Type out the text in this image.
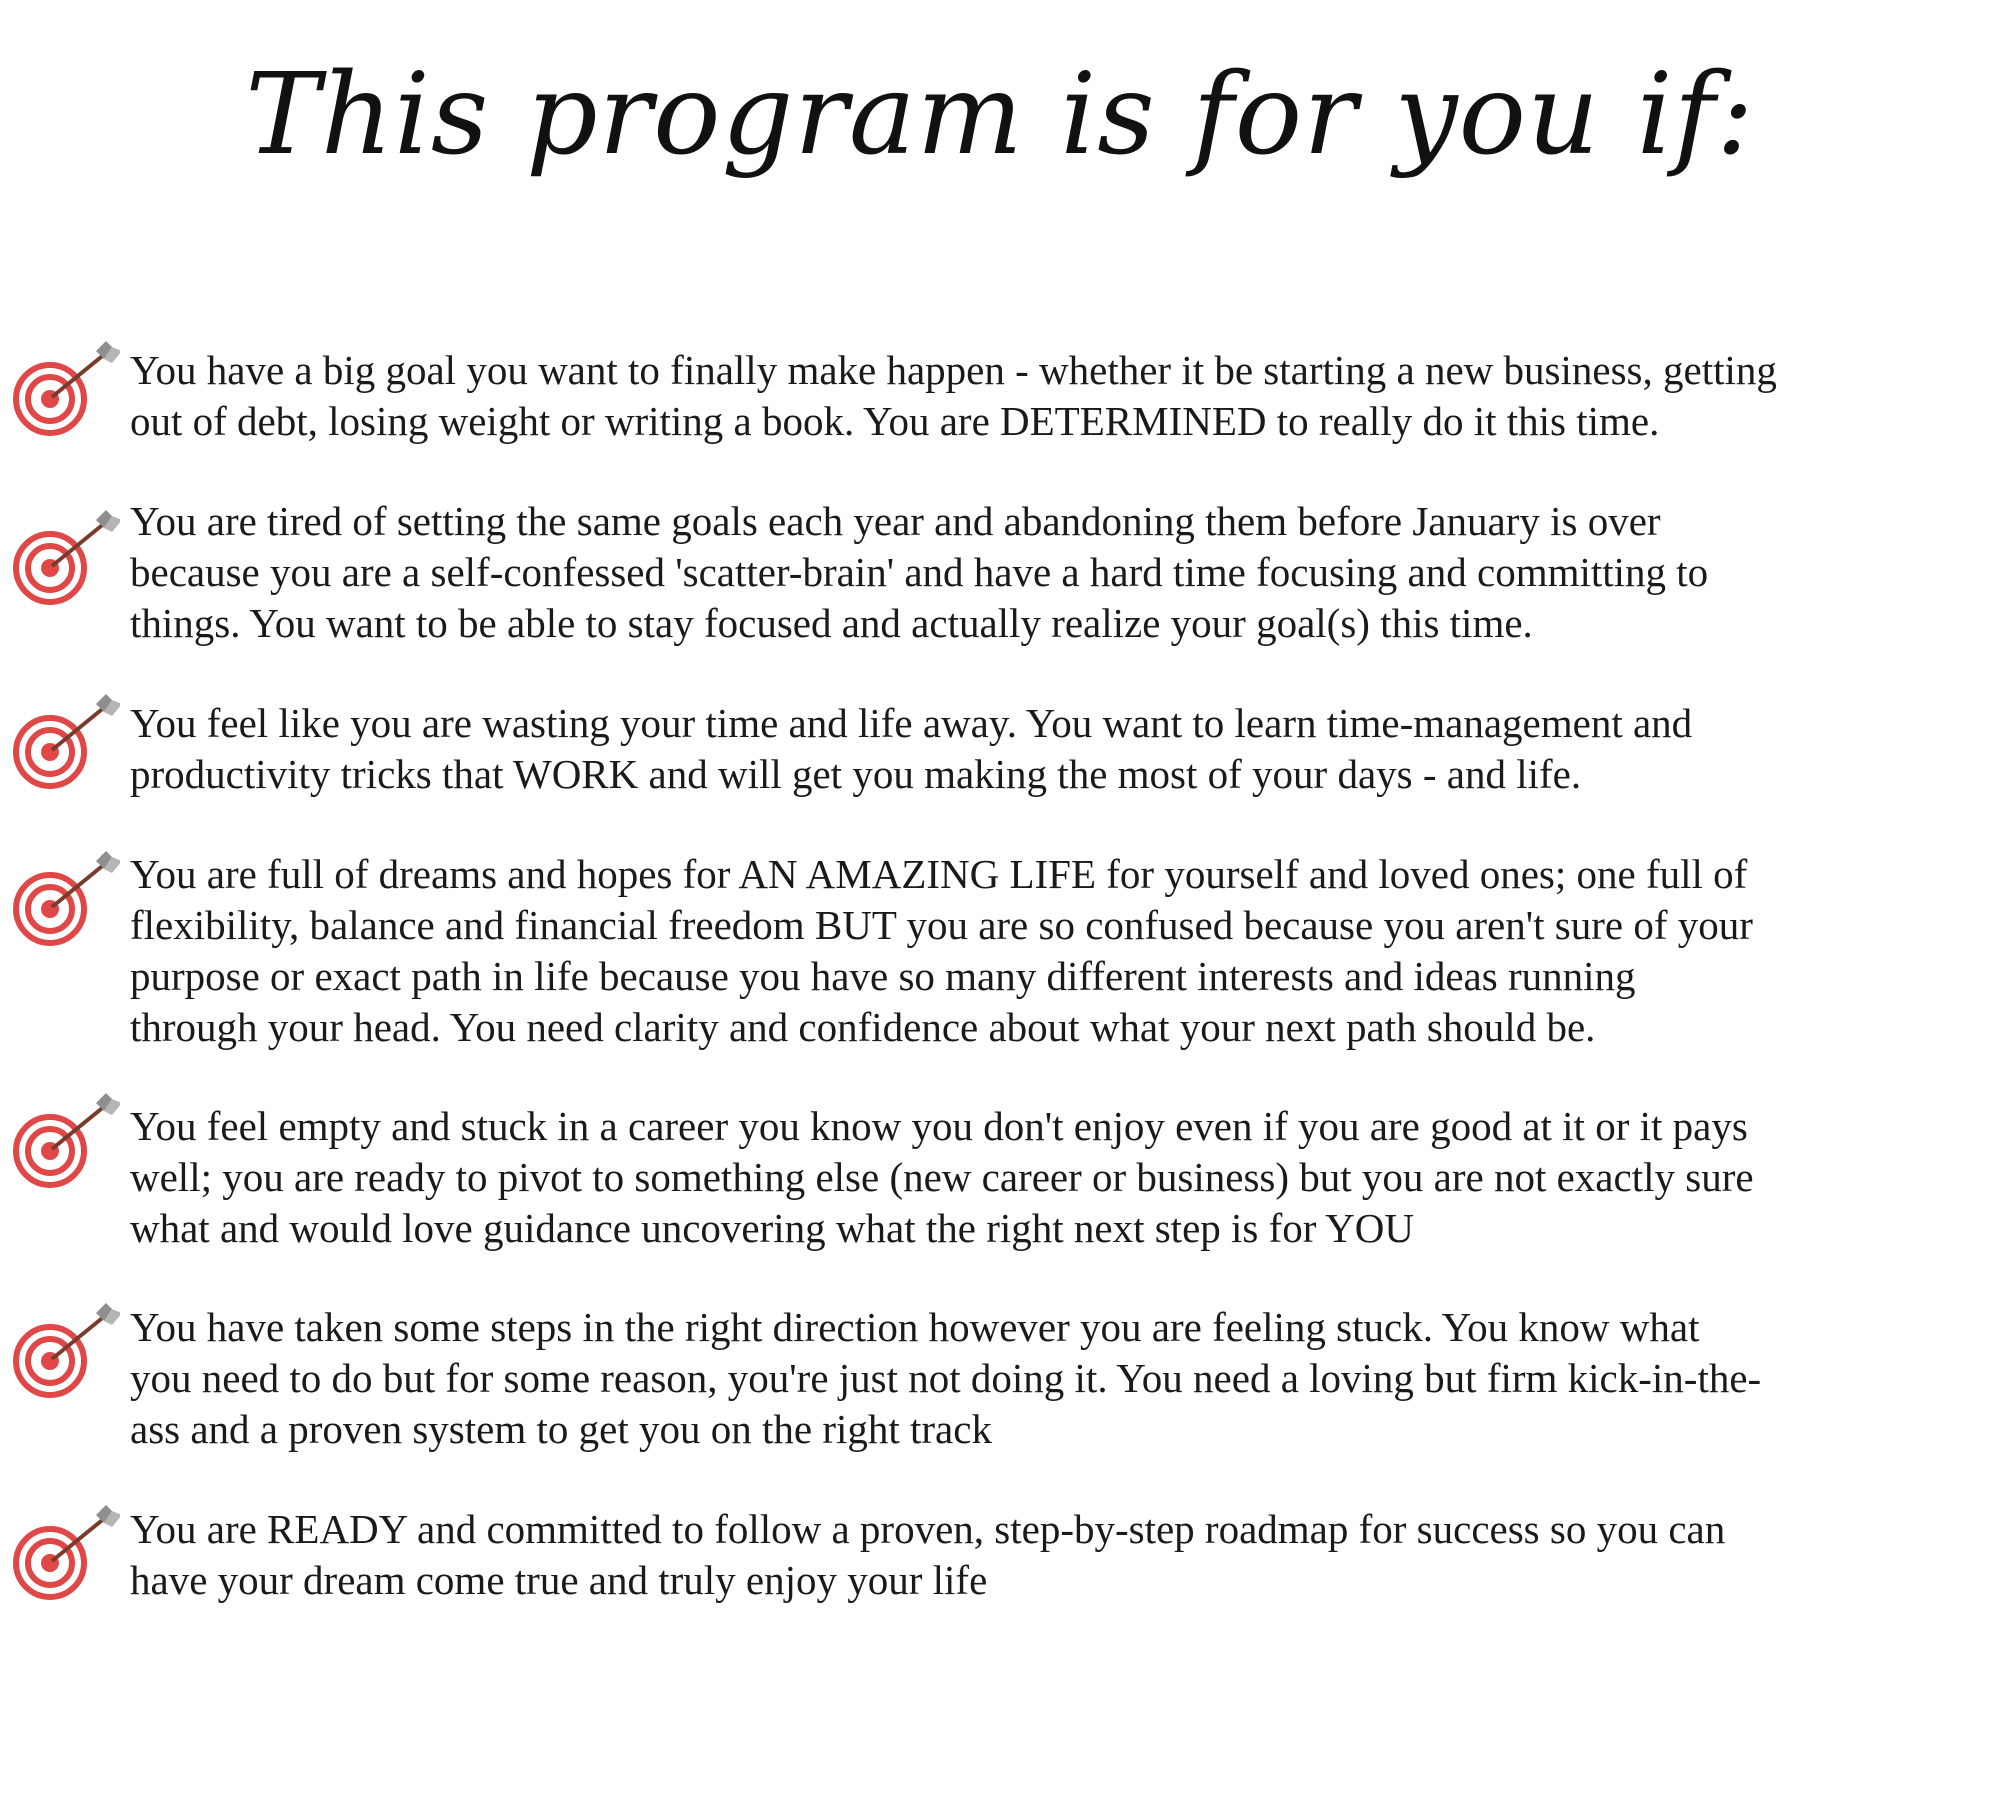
This program is for you if:

You have a big goal you want to finally make happen - whether it be starting a new business, getting
out of debt, losing weight or writing a book. You are DETERMINED to really do it this time.

You are tired of setting the same goals each year and abandoning them before January is over
because you are a self-confessed 'scatter-brain' and have a hard time focusing and committing to
things. You want to be able to stay focused and actually realize your goal(s) this time.

You feel like you are wasting your time and life away. You want to learn time-management and
productivity tricks that WORK and will get you making the most of your days - and life.

You are full of dreams and hopes for AN AMAZING LIFE for yourself and loved ones; one full of
flexibility, balance and financial freedom BUT you are so confused because you aren't sure of your
purpose or exact path in life because you have so many different interests and ideas running
through your head. You need clarity and confidence about what your next path should be.

You feel empty and stuck in a career you know you don't enjoy even if you are good at it or it pays
well; you are ready to pivot to something else (new career or business) but you are not exactly sure
what and would love guidance uncovering what the right next step is for YOU

You have taken some steps in the right direction however you are feeling stuck. You know what
you need to do but for some reason, you're just not doing it. You need a loving but firm kick-in-the-
ass and a proven system to get you on the right track

You are READY and committed to follow a proven, step-by-step roadmap for success so you can
have your dream come true and truly enjoy your life
